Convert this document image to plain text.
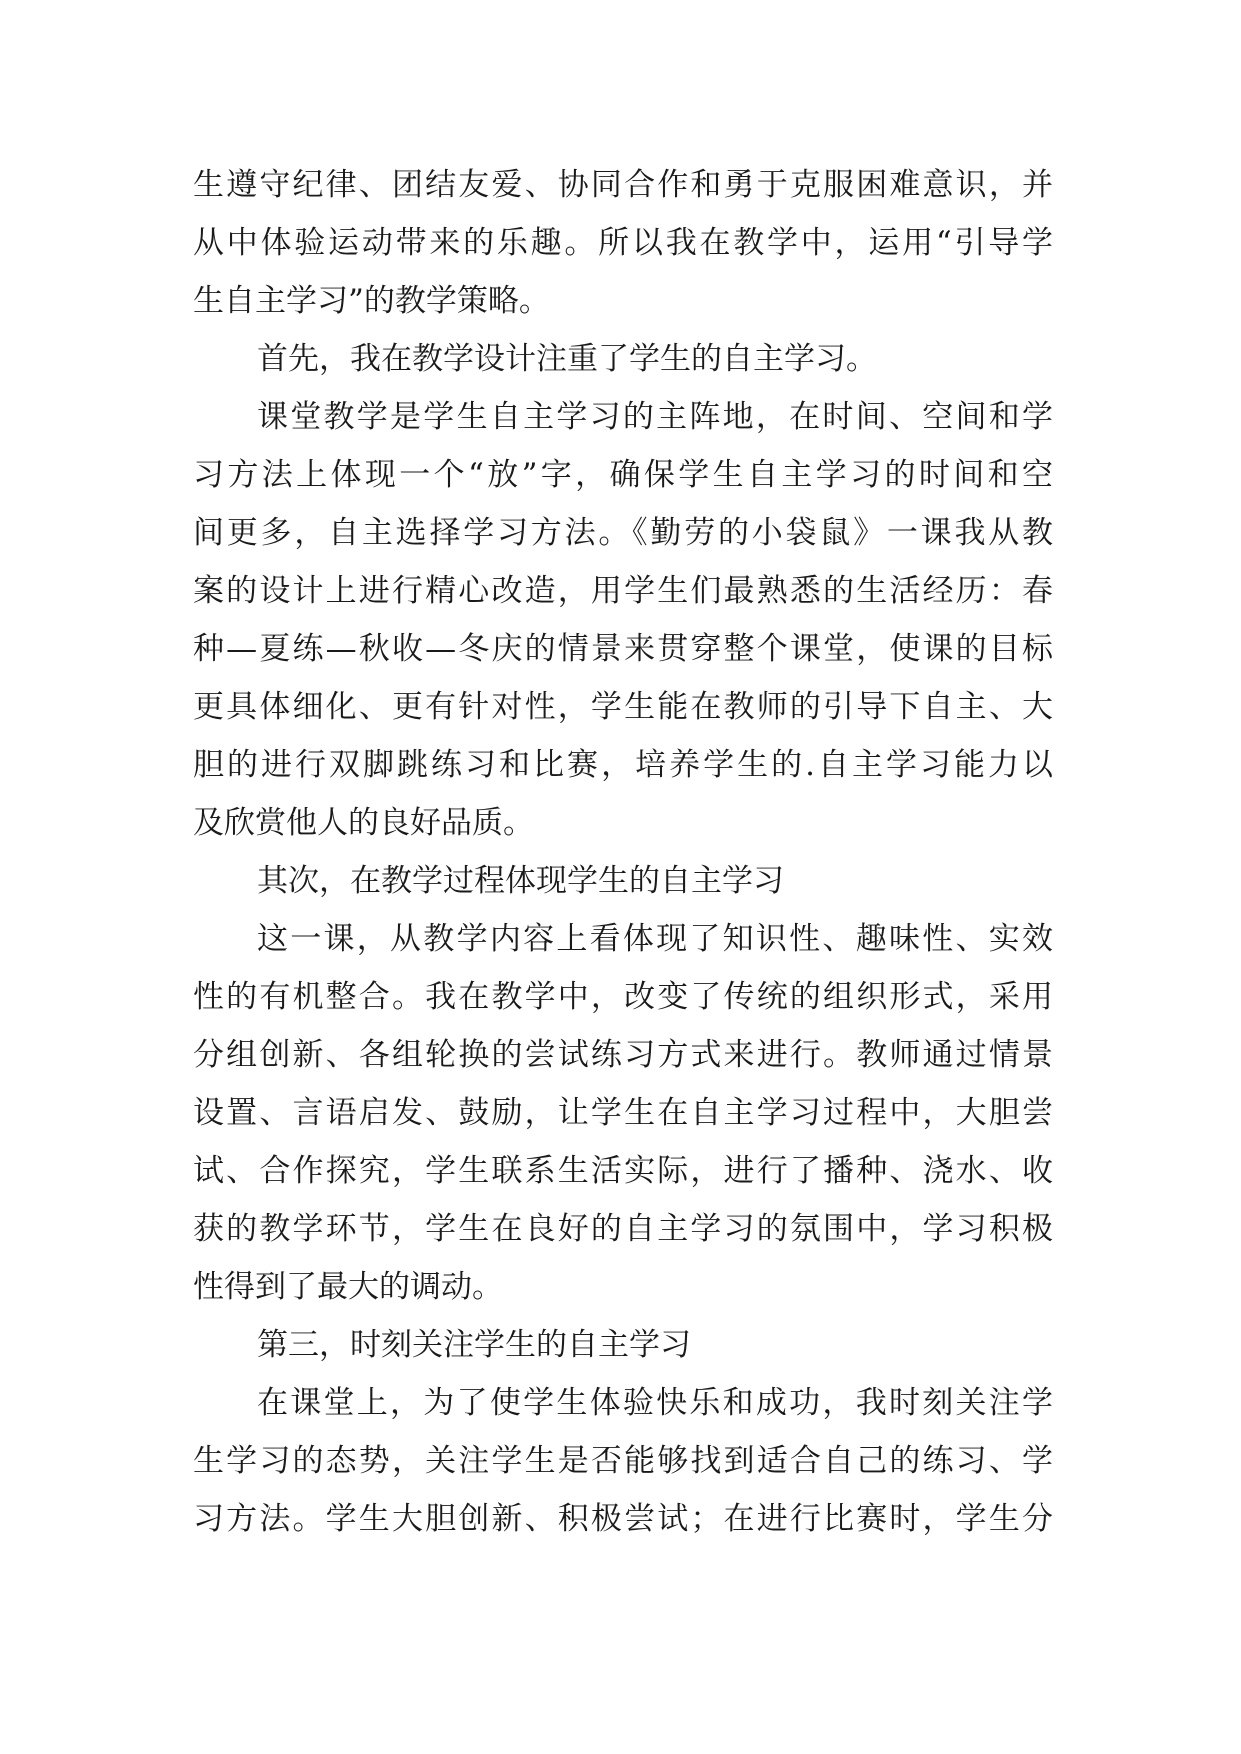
生遵守纪律、团结友爱、协同合作和勇于克服困难意识，并
从中体验运动带来的乐趣。所以我在教学中，运用“引导学
生自主学习”的教学策略。
首先，我在教学设计注重了学生的自主学习。
课堂教学是学生自主学习的主阵地，在时间、空间和学
习方法上体现一个“放”字，确保学生自主学习的时间和空
间更多，自主选择学习方法。《勤劳的小袋鼠》一课我从教
案的设计上进行精心改造，用学生们最熟悉的生活经历：春
种—夏练—秋收—冬庆的情景来贯穿整个课堂，使课的目标
更具体细化、更有针对性，学生能在教师的引导下自主、大
胆的进行双脚跳练习和比赛，培养学生的.自主学习能力以
及欣赏他人的良好品质。
其次，在教学过程体现学生的自主学习
这一课，从教学内容上看体现了知识性、趣味性、实效
性的有机整合。我在教学中，改变了传统的组织形式，采用
分组创新、各组轮换的尝试练习方式来进行。教师通过情景
设置、言语启发、鼓励，让学生在自主学习过程中，大胆尝
试、合作探究，学生联系生活实际，进行了播种、浇水、收
获的教学环节，学生在良好的自主学习的氛围中，学习积极
性得到了最大的调动。
第三，时刻关注学生的自主学习
在课堂上，为了使学生体验快乐和成功，我时刻关注学
生学习的态势，关注学生是否能够找到适合自己的练习、学
习方法。学生大胆创新、积极尝试；在进行比赛时，学生分
